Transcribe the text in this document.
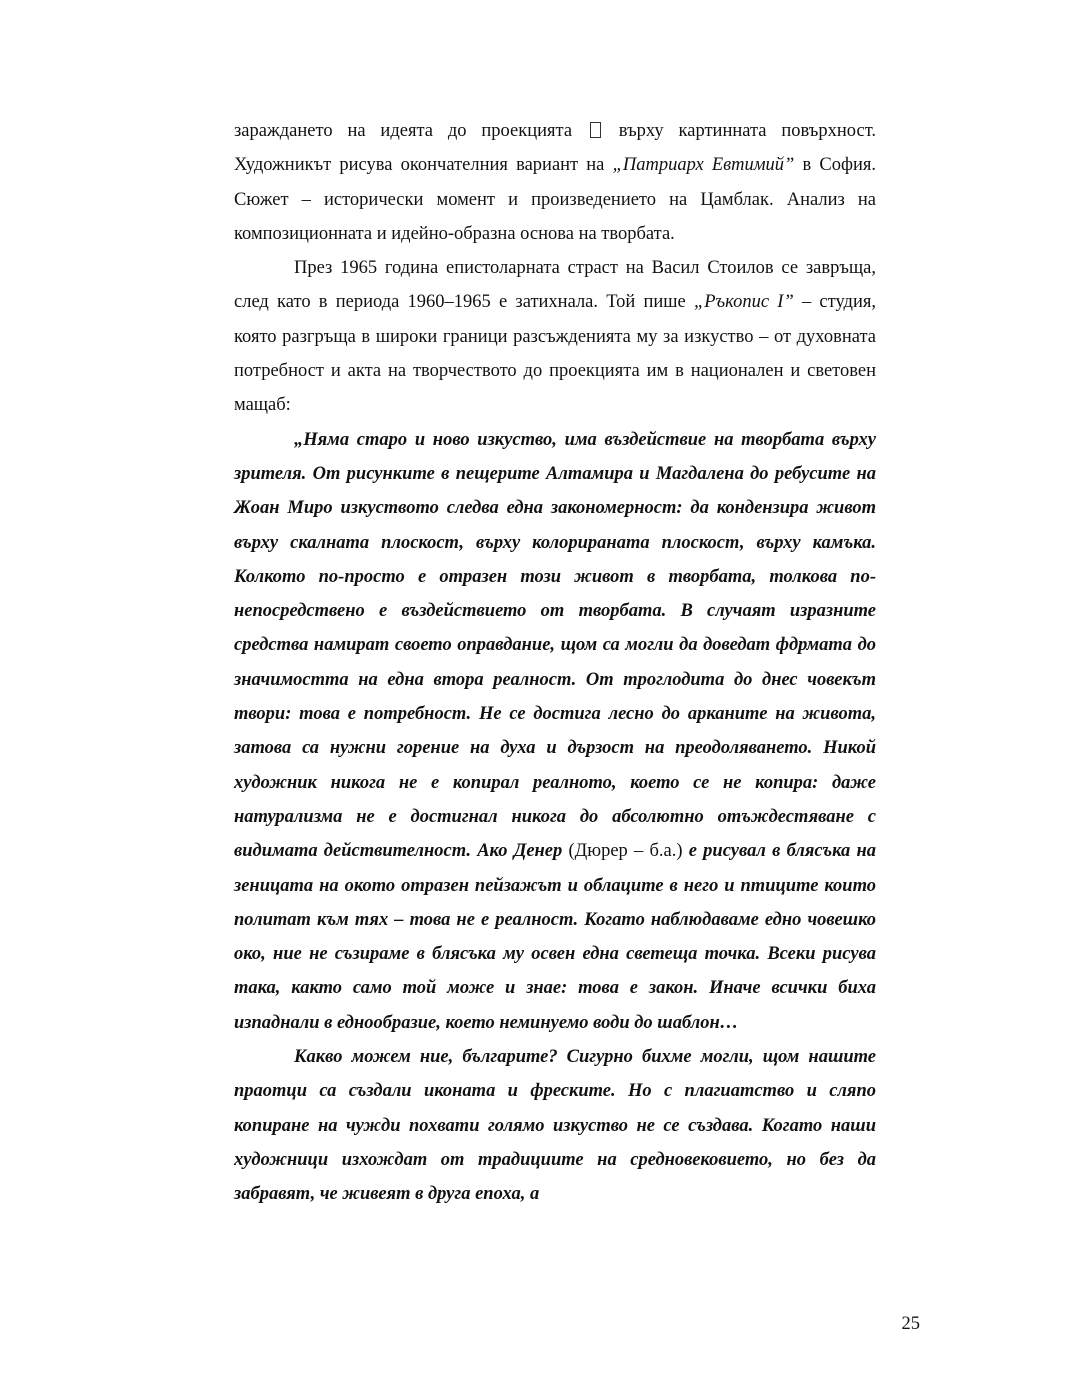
зараждането на идеята до проекцията	върху картинната повърхност. Художникът рисува окончателния вариант на „Патриарх Евтимий” в София. Сюжет – исторически момент и произведението на Цамблак. Анализ на композиционната и идейно-образна основа на творбата.

През 1965 година епистоларната страст на Васил Стоилов се завръща, след като в периода 1960–1965 е затихнала. Той пише „Ръкопис I” – студия, която разгръща в широки граници разсъжденията му за изкуство – от духовната потребност и акта на творчеството до проекцията им в национален и световен мащаб:

„Няма старо и ново изкуство, има въздействие на творбата върху зрителя. От рисунките в пещерите Алтамира и Магдалена до ребусите на Жоан Миро изкуството следва една закономерност: да кондензира живот върху скалната плоскост, върху колорираната плоскост, върху камъка. Колкото по-просто е отразен този живот в творбата, толкова по-непосредствено е въздействието от творбата. В случаят изразните средства намират своето оправдание, щом са могли да доведат фдрмата до значимостта на една втора реалност. От троглодита до днес човекът твори: това е потребност. Не се достига лесно до арканите на живота, затова са нужни горение на духа и дързост на преодоляването. Никой художник никога не е копирал реалното, което се не копира: даже натурализма не е достигнал никога до абсолютно отъждестяване с видимата действителност. Ако Денер (Дюрер – б.а.) е рисувал в блясъка на зеницата на окото отразен пейзажът и облаците в него и птиците които политат към тях – това не е реалност. Когато наблюдаваме едно човешко око, ние не съзираме в блясъка му освен една светеща точка. Всеки рисува така, както само той може и знае: това е закон. Иначе всички биха изпаднали в еднообразие, което неминуемо води до шаблон…

Какво можем ние, българите? Сигурно бихме могли, щом нашите праотци са създали иконата и фреските. Но с плагиатство и сляпо копиране на чужди похвати голямо изкуство не се създава. Когато наши художници изхождат от традициите на средновековието, но без да забравят, че живеят в друга епоха, а

25
